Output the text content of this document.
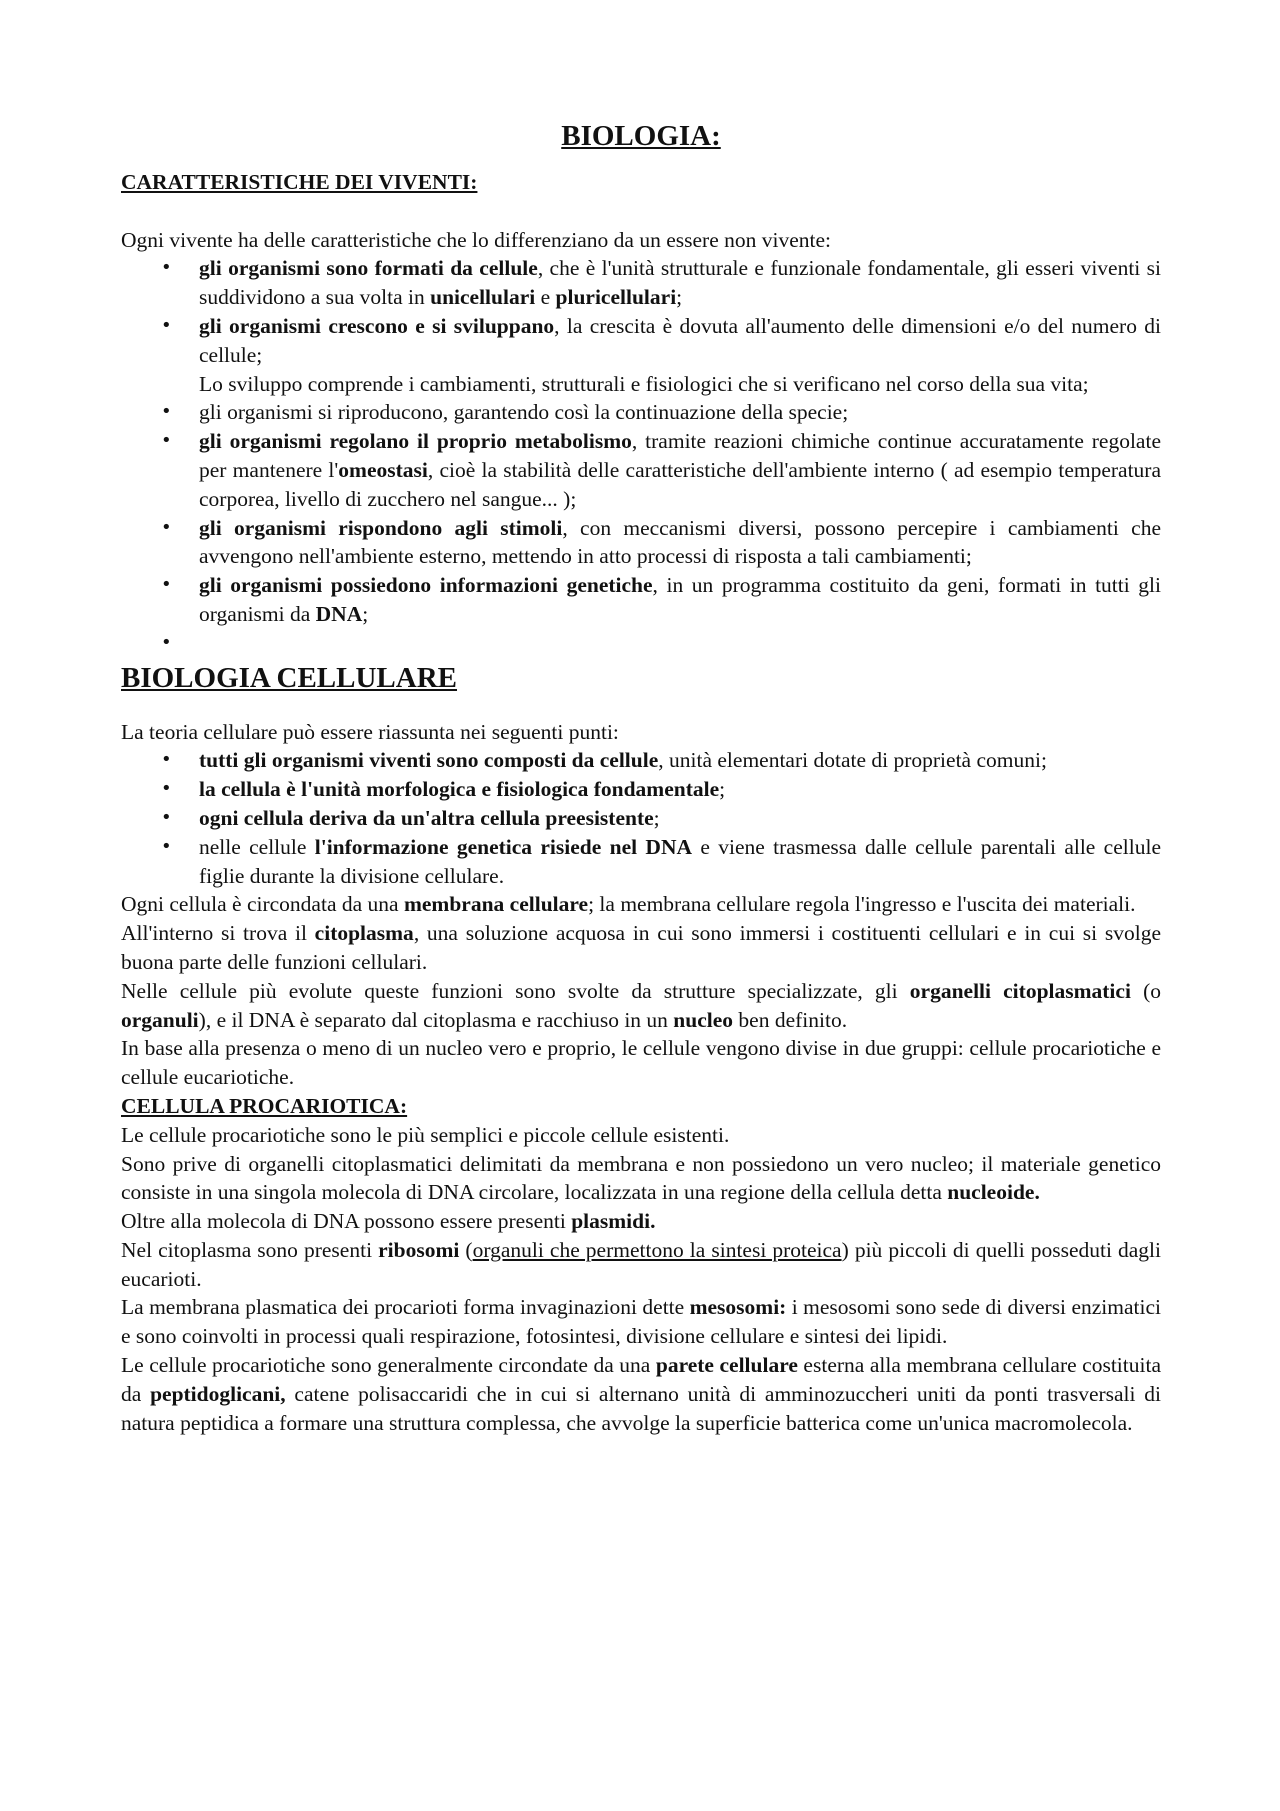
BIOLOGIA:
CARATTERISTICHE DEI VIVENTI:

Ogni vivente ha delle caratteristiche che lo differenziano da un essere non vivente:

• gli organismi sono formati da cellule, che è l'unità strutturale e funzionale fondamentale, gli esseri viventi si suddividono a sua volta in unicellulari e pluricellulari;
• gli organismi crescono e si sviluppano, la crescita è dovuta all'aumento delle dimensioni e/o del numero di cellule;
Lo sviluppo comprende i cambiamenti, strutturali e fisiologici che si verificano nel corso della sua vita;
• gli organismi si riproducono, garantendo così la continuazione della specie;
• gli organismi regolano il proprio metabolismo, tramite reazioni chimiche continue accuratamente regolate per mantenere l'omeostasi, cioè la stabilità delle caratteristiche dell'ambiente interno ( ad esempio temperatura corporea, livello di zucchero nel sangue... );
• gli organismi rispondono agli stimoli, con meccanismi diversi, possono percepire i cambiamenti che avvengono nell'ambiente esterno, mettendo in atto processi di risposta a tali cambiamenti;
• gli organismi possiedono informazioni genetiche, in un programma costituito da geni, formati in tutti gli organismi da DNA;
•
BIOLOGIA CELLULARE

La teoria cellulare può essere riassunta nei seguenti punti:

• tutti gli organismi viventi sono composti da cellule, unità elementari dotate di proprietà comuni;
• la cellula è l'unità morfologica e fisiologica fondamentale;
• ogni cellula deriva da un'altra cellula preesistente;
• nelle cellule l'informazione genetica risiede nel DNA e viene trasmessa dalle cellule parentali alle cellule figlie durante la divisione cellulare.

Ogni cellula è circondata da una membrana cellulare; la membrana cellulare regola l'ingresso e l'uscita dei materiali.

All'interno si trova il citoplasma, una soluzione acquosa in cui sono immersi i costituenti cellulari e in cui si svolge buona parte delle funzioni cellulari.

Nelle cellule più evolute queste funzioni sono svolte da strutture specializzate, gli organelli citoplasmatici (o organuli), e il DNA è separato dal citoplasma e racchiuso in un nucleo ben definito.

In base alla presenza o meno di un nucleo vero e proprio, le cellule vengono divise in due gruppi: cellule procariotiche e cellule eucariotiche.

CELLULA PROCARIOTICA:

Le cellule procariotiche sono le più semplici e piccole cellule esistenti.

Sono prive di organelli citoplasmatici delimitati da membrana e non possiedono un vero nucleo; il materiale genetico consiste in una singola molecola di DNA circolare, localizzata in una regione della cellula detta nucleoide.

Oltre alla molecola di DNA possono essere presenti plasmidi.

Nel citoplasma sono presenti ribosomi (organuli che permettono la sintesi proteica) più piccoli di quelli posseduti dagli eucarioti.

La membrana plasmatica dei procarioti forma invaginazioni dette mesosomi: i mesosomi sono sede di diversi enzimatici e sono coinvolti in processi quali respirazione, fotosintesi, divisione cellulare e sintesi dei lipidi.

Le cellule procariotiche sono generalmente circondate da una parete cellulare esterna alla membrana cellulare costituita da peptidoglicani, catene polisaccaridi che in cui si alternano unità di amminozuccheri uniti da ponti trasversali di natura peptidica a formare una struttura complessa, che avvolge la superficie batterica come un'unica macromolecola.
